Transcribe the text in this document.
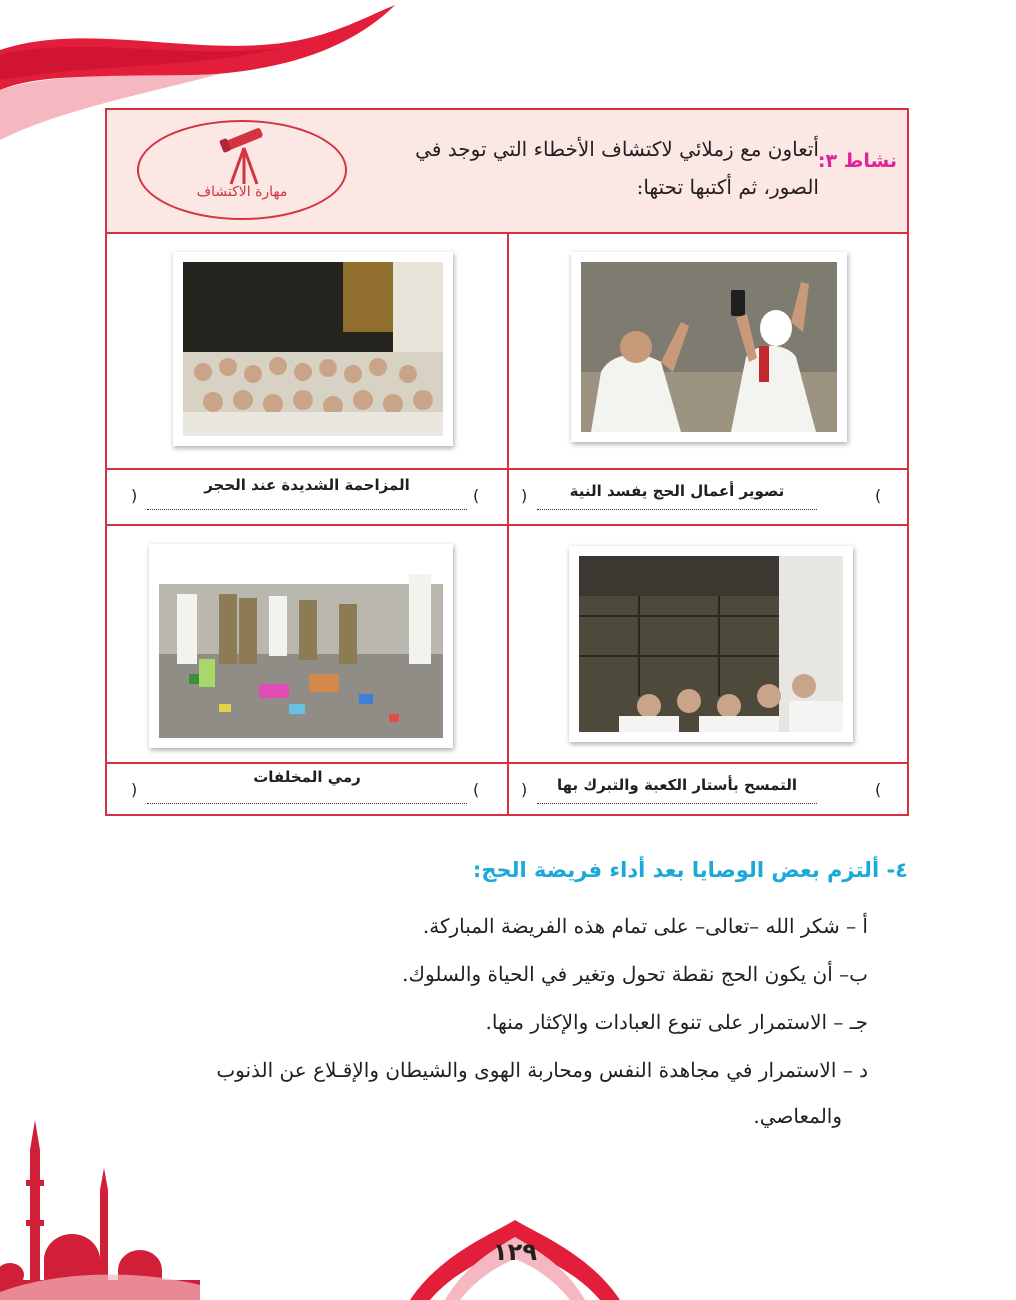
نشاط ٣:
أتعاون مع زملائي لاكتشاف الأخطاء التي توجد في
الصور، ثم أكتبها تحتها:
مهارة الاكتشاف
)	تصوير أعمال الحج يفسد النية	(
)
المزاحمة الشديدة عند الحجر
(
)	التمسح بأستار الكعبة والتبرك بها	(
)
رمي المخلفات
(
٤- ألتزم بعض الوصايا بعد أداء فريضة الحج:
أ – شكر الله –تعالى– على تمام هذه الفريضة المباركة.
ب– أن يكون الحج نقطة تحول وتغير في الحياة والسلوك.
جـ – الاستمرار على تنوع العبادات والإكثار منها.
د – الاستمرار في مجاهدة النفس ومحاربة الهوى والشيطان والإقـلاع عن الذنوب
والمعاصي.
١٢٩
